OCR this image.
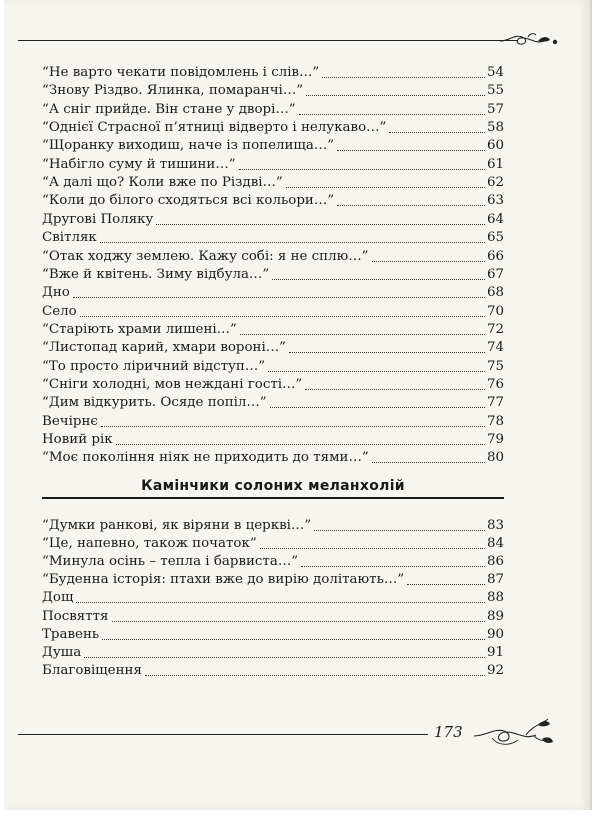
“Не варто чекати повідомлень і слів…”	54
“Знову Різдво. Ялинка, помаранчі…”	55
“А сніг прийде. Він стане у дворі…”	57
“Однієї Страсної п’ятниці відверто і нелукаво…”	58
“Щоранку виходиш, наче із попелища…”	60
“Набігло суму й тишини…”	61
“А далі що? Коли вже по Різдві…”	62
“Коли до білого сходяться всі кольори…”	63
Другові Поляку	64
Світляк	65
“Отак ходжу землею. Кажу собі: я не сплю…”	66
“Вже й квітень. Зиму відбула…”	67
Дно	68
Село	70
“Старіють храми лишені…”	72
“Листопад карий, хмари вороні…”	74
“То просто ліричний відступ…”	75
“Сніги холодні, мов неждані гості…”	76
“Дим відкурить. Осяде попіл…”	77
Вечірнє	78
Новий рік	79
“Моє покоління ніяк не приходить до тями…”	80
“Думки ранкові, як віряни в церкві…”	83
“Це, напевно, також початок”	84
“Минула осінь – тепла і барвиста…”	86
“Буденна історія: птахи вже до вирію долітають…”	87
Дощ	88
Посвяття	89
Травень	90
Душа	91
Благовіщення	92
Камінчики солоних меланхолій
173
